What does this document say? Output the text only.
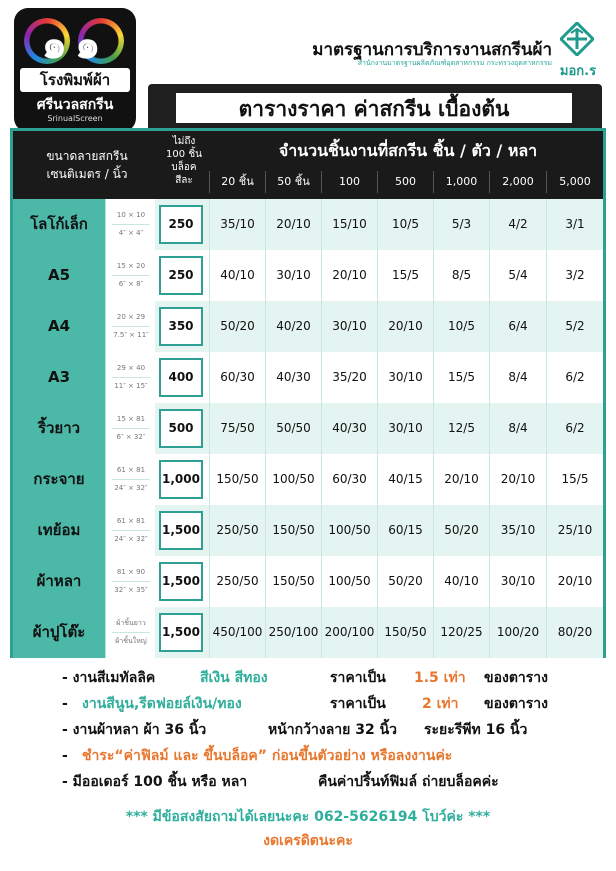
๑๑
โรงพิมพ์ผ้า
ศรีนวลสกรีน
SrinualScreen
มาตรฐานการบริการงานสกรีนผ้า
สำนักงานมาตรฐานผลิตภัณฑ์อุตสาหกรรม กระทรวงอุตสาหกรรม
มอก.ร
ตารางราคา ค่าสกรีน เบื้องต้น
ขนาดลายสกรีน
เซนติเมตร / นิ้ว
ไม่ถึง
100 ชิ้น
บล็อค
สีละ
จำนวนชิ้นงานที่สกรีน ชิ้น / ตัว / หลา
20 ชิ้น	50 ชิ้น	100	500	1,000	2,000	5,000
โลโก้เล็ก	10 × 10
4″ × 4″
250	35/10	20/10	15/10	10/5	5/3	4/2	3/1
A5	15 × 20
6″ × 8″
250	40/10	30/10	20/10	15/5	8/5	5/4	3/2
A4	20 × 29
7.5″ × 11″
350	50/20	40/20	30/10	20/10	10/5	6/4	5/2
A3	29 × 40
11″ × 15″
400	60/30	40/30	35/20	30/10	15/5	8/4	6/2
ริ้วยาว	15 × 81
6″ × 32″
500	75/50	50/50	40/30	30/10	12/5	8/4	6/2
กระจาย	61 × 81
24″ × 32″
1,000	150/50	100/50	60/30	40/15	20/10	20/10	15/5
เทย้อม	61 × 81
24″ × 32″
1,500	250/50	150/50	100/50	60/15	50/20	35/10	25/10
ผ้าหลา	81 × 90
32″ × 35″
1,500	250/50	150/50	100/50	50/20	40/10	30/10	20/10
ผ้าปูโต๊ะ	ผ้าชิ้นยาว
ผ้าชิ้นใหญ่
1,500 450/100 250/100 200/100 150/50	120/25	100/20	80/20
- งานสีเมทัลลิค	สีเงิน สีทอง	ราคาเป็น 1.5 เท่า ของตาราง
- งานสีนูน,รีดฟอยล์เงิน/ทอง	ราคาเป็น	2 เท่า ของตาราง
- งานผ้าหลา ผ้า 36 นิ้ว	หน้ากว้างลาย 32 นิ้ว ระยะรีพีท 16 นิ้ว
- ชำระ“ค่าฟิลม์ และ ขึ้นบล็อค” ก่อนขึ้นตัวอย่าง หรือลงงานค่ะ
- มีออเดอร์ 100 ชิ้น หรือ หลา	คืนค่าปริ้นท์ฟิมล์ ถ่ายบล็อคค่ะ
*** มีข้อสงสัยถามได้เลยนะคะ 062-5626194 โบว์ค่ะ ***
งดเครดิตนะคะ
